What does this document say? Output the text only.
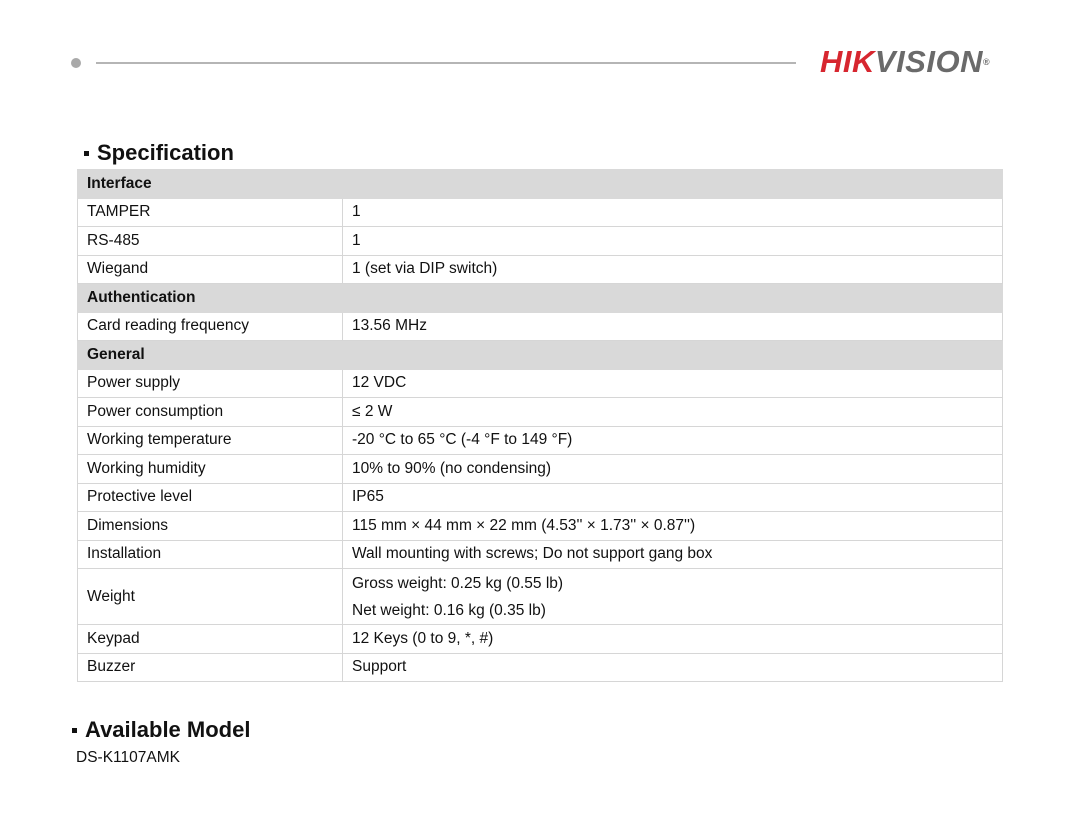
HIKVISION®
Specification
Interface	
TAMPER	1
RS-485	1
Wiegand	1 (set via DIP switch)
Authentication	
Card reading frequency	13.56 MHz
General	
Power supply	12 VDC
Power consumption	≤ 2 W
Working temperature	-20 °C to 65 °C (-4 °F to 149 °F)
Working humidity	10% to 90% (no condensing)
Protective level	IP65
Dimensions	115 mm × 44 mm × 22 mm (4.53'' × 1.73'' × 0.87'')
Installation	Wall mounting with screws; Do not support gang box
Weight	Gross weight: 0.25 kg (0.55 lb)
Net weight: 0.16 kg (0.35 lb)

Keypad	12 Keys (0 to 9, *, #)
Buzzer	Support
Available Model
DS-K1107AMK
